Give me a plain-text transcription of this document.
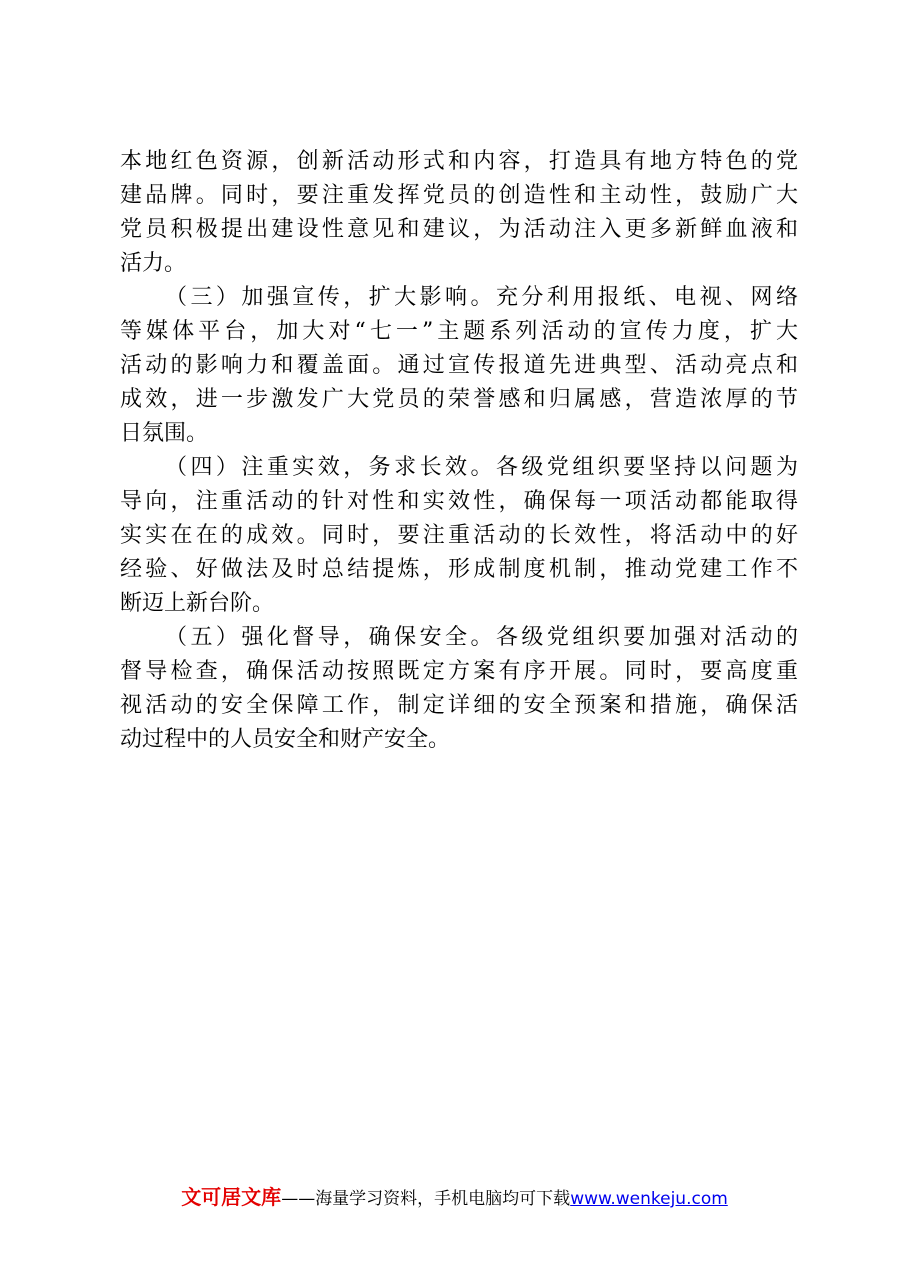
本地红色资源，创新活动形式和内容，打造具有地方特色的党
建品牌。同时，要注重发挥党员的创造性和主动性，鼓励广大
党员积极提出建设性意见和建议，为活动注入更多新鲜血液和
活力。
（三）加强宣传，扩大影响。充分利用报纸、电视、网络
等媒体平台，加大对“七一”主题系列活动的宣传力度，扩大
活动的影响力和覆盖面。通过宣传报道先进典型、活动亮点和
成效，进一步激发广大党员的荣誉感和归属感，营造浓厚的节
日氛围。
（四）注重实效，务求长效。各级党组织要坚持以问题为
导向，注重活动的针对性和实效性，确保每一项活动都能取得
实实在在的成效。同时，要注重活动的长效性，将活动中的好
经验、好做法及时总结提炼，形成制度机制，推动党建工作不
断迈上新台阶。
（五）强化督导，确保安全。各级党组织要加强对活动的
督导检查，确保活动按照既定方案有序开展。同时，要高度重
视活动的安全保障工作，制定详细的安全预案和措施，确保活
动过程中的人员安全和财产安全。
文可居文库——海量学习资料，手机电脑均可下载www.wenkeju.com
